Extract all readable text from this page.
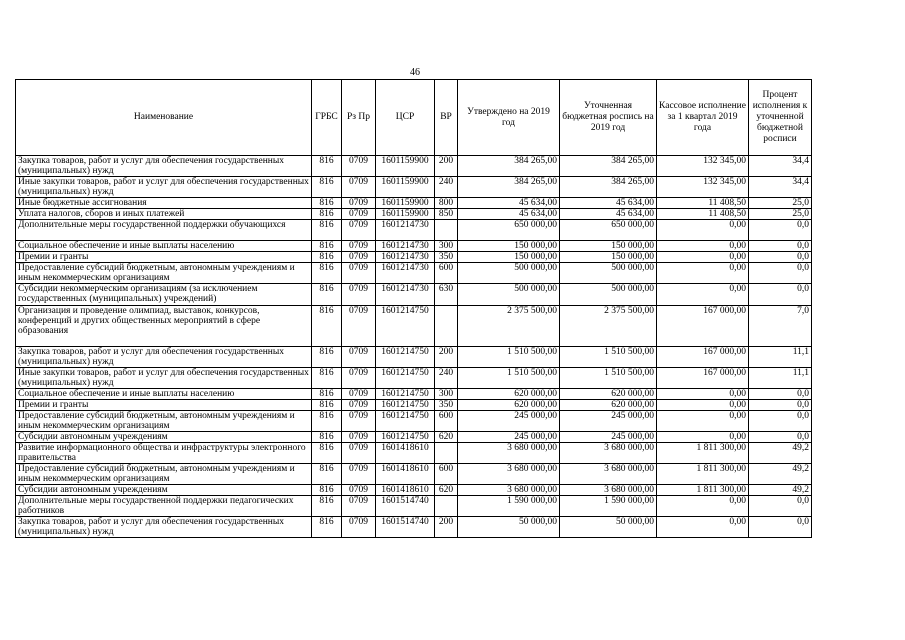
46
Наименование	ГРБС	Рз Пр	ЦСР	ВР	Утверждено на 2019 год	Уточненная бюджетная роспись на 2019 год	Кассовое исполнение за 1 квартал 2019 года	Процент исполнения к уточненной бюджетной росписи
Закупка товаров, работ и услуг для обеспечения государственных (муниципальных) нужд	816	0709	1601159900	200	384 265,00	384 265,00	132 345,00	34,4
Иные закупки товаров, работ и услуг для обеспечения государственных (муниципальных) нужд	816	0709	1601159900	240	384 265,00	384 265,00	132 345,00	34,4
Иные бюджетные ассигнования	816	0709	1601159900	800	45 634,00	45 634,00	11 408,50	25,0
Уплата налогов, сборов и иных платежей	816	0709	1601159900	850	45 634,00	45 634,00	11 408,50	25,0
Дополнительные меры государственной поддержки обучающихся	816	0709	1601214730		650 000,00	650 000,00	0,00	0,0
Социальное обеспечение и иные выплаты населению	816	0709	1601214730	300	150 000,00	150 000,00	0,00	0,0
Премии и гранты	816	0709	1601214730	350	150 000,00	150 000,00	0,00	0,0
Предоставление субсидий бюджетным, автономным учреждениям и иным некоммерческим организациям	816	0709	1601214730	600	500 000,00	500 000,00	0,00	0,0
Субсидии некоммерческим организациям (за исключением государственных (муниципальных) учреждений)	816	0709	1601214730	630	500 000,00	500 000,00	0,00	0,0
Организация и проведение олимпиад, выставок, конкурсов, конференций и других общественных мероприятий в сфере образования	816	0709	1601214750		2 375 500,00	2 375 500,00	167 000,00	7,0
Закупка товаров, работ и услуг для обеспечения государственных (муниципальных) нужд	816	0709	1601214750	200	1 510 500,00	1 510 500,00	167 000,00	11,1
Иные закупки товаров, работ и услуг для обеспечения государственных (муниципальных) нужд	816	0709	1601214750	240	1 510 500,00	1 510 500,00	167 000,00	11,1
Социальное обеспечение и иные выплаты населению	816	0709	1601214750	300	620 000,00	620 000,00	0,00	0,0
Премии и гранты	816	0709	1601214750	350	620 000,00	620 000,00	0,00	0,0
Предоставление субсидий бюджетным, автономным учреждениям и иным некоммерческим организациям	816	0709	1601214750	600	245 000,00	245 000,00	0,00	0,0
Субсидии автономным учреждениям	816	0709	1601214750	620	245 000,00	245 000,00	0,00	0,0
Развитие информационного общества и инфраструктуры электронного правительства	816	0709	1601418610		3 680 000,00	3 680 000,00	1 811 300,00	49,2
Предоставление субсидий бюджетным, автономным учреждениям и иным некоммерческим организациям	816	0709	1601418610	600	3 680 000,00	3 680 000,00	1 811 300,00	49,2
Субсидии автономным учреждениям	816	0709	1601418610	620	3 680 000,00	3 680 000,00	1 811 300,00	49,2
Дополнительные меры государственной поддержки педагогических работников	816	0709	1601514740		1 590 000,00	1 590 000,00	0,00	0,0
Закупка товаров, работ и услуг для обеспечения государственных (муниципальных) нужд	816	0709	1601514740	200	50 000,00	50 000,00	0,00	0,0
